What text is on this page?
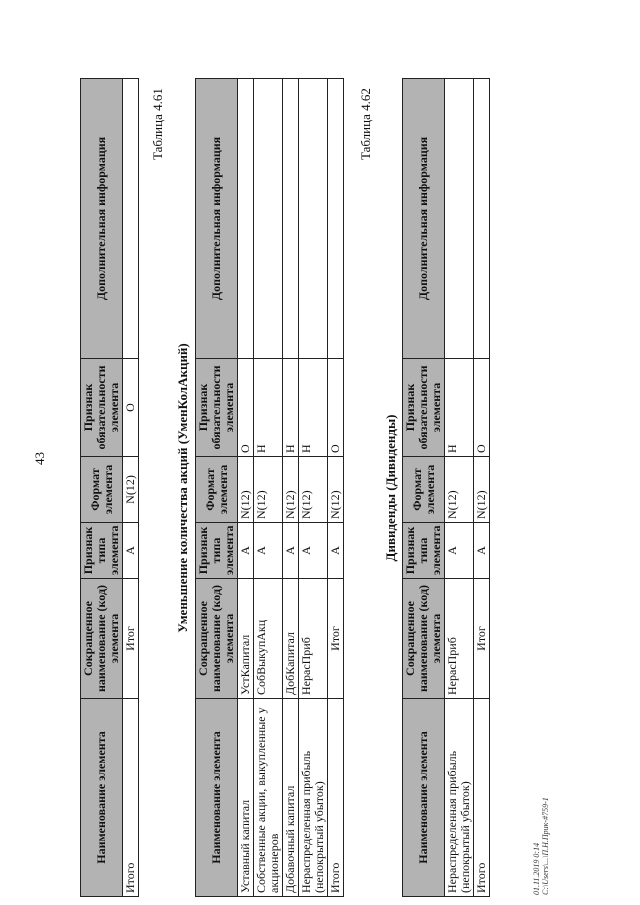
43
Наименование элемента	Сокращенное наименование (код) элемента	Признак типа элемента	Формат элемента	Признак обязательности элемента	Дополнительная информация
Итого	Итог	А	N(12)	О	
Таблица 4.61
Уменьшение количества акций (УменКолАкций)
Наименование элемента	Сокращенное наименование (код) элемента	Признак типа элемента	Формат элемента	Признак обязательности элемента	Дополнительная информация
Уставный капитал	УстКапитал	А	N(12)	О	
Собственные акции, выкупленные у акционеров	СобВыкупАкц	А	N(12)	Н	
Добавочный капитал	ДобКапитал	А	N(12)	Н	
Нераспределенная прибыль (непокрытый убыток)	НерасПриб	А	N(12)	Н	
Итого	Итог	А	N(12)	О	
Таблица 4.62
Дивиденды (Дивиденды)
Наименование элемента	Сокращенное наименование (код) элемента	Признак типа элемента	Формат элемента	Признак обязательности элемента	Дополнительная информация
Нераспределенная прибыль (непокрытый убыток)	НерасПриб	А	N(12)	Н	
Итого	Итог	А	N(12)	О	
01.11.2019 0:14 C:\Users\...\П.Н.Прик-#759-1
